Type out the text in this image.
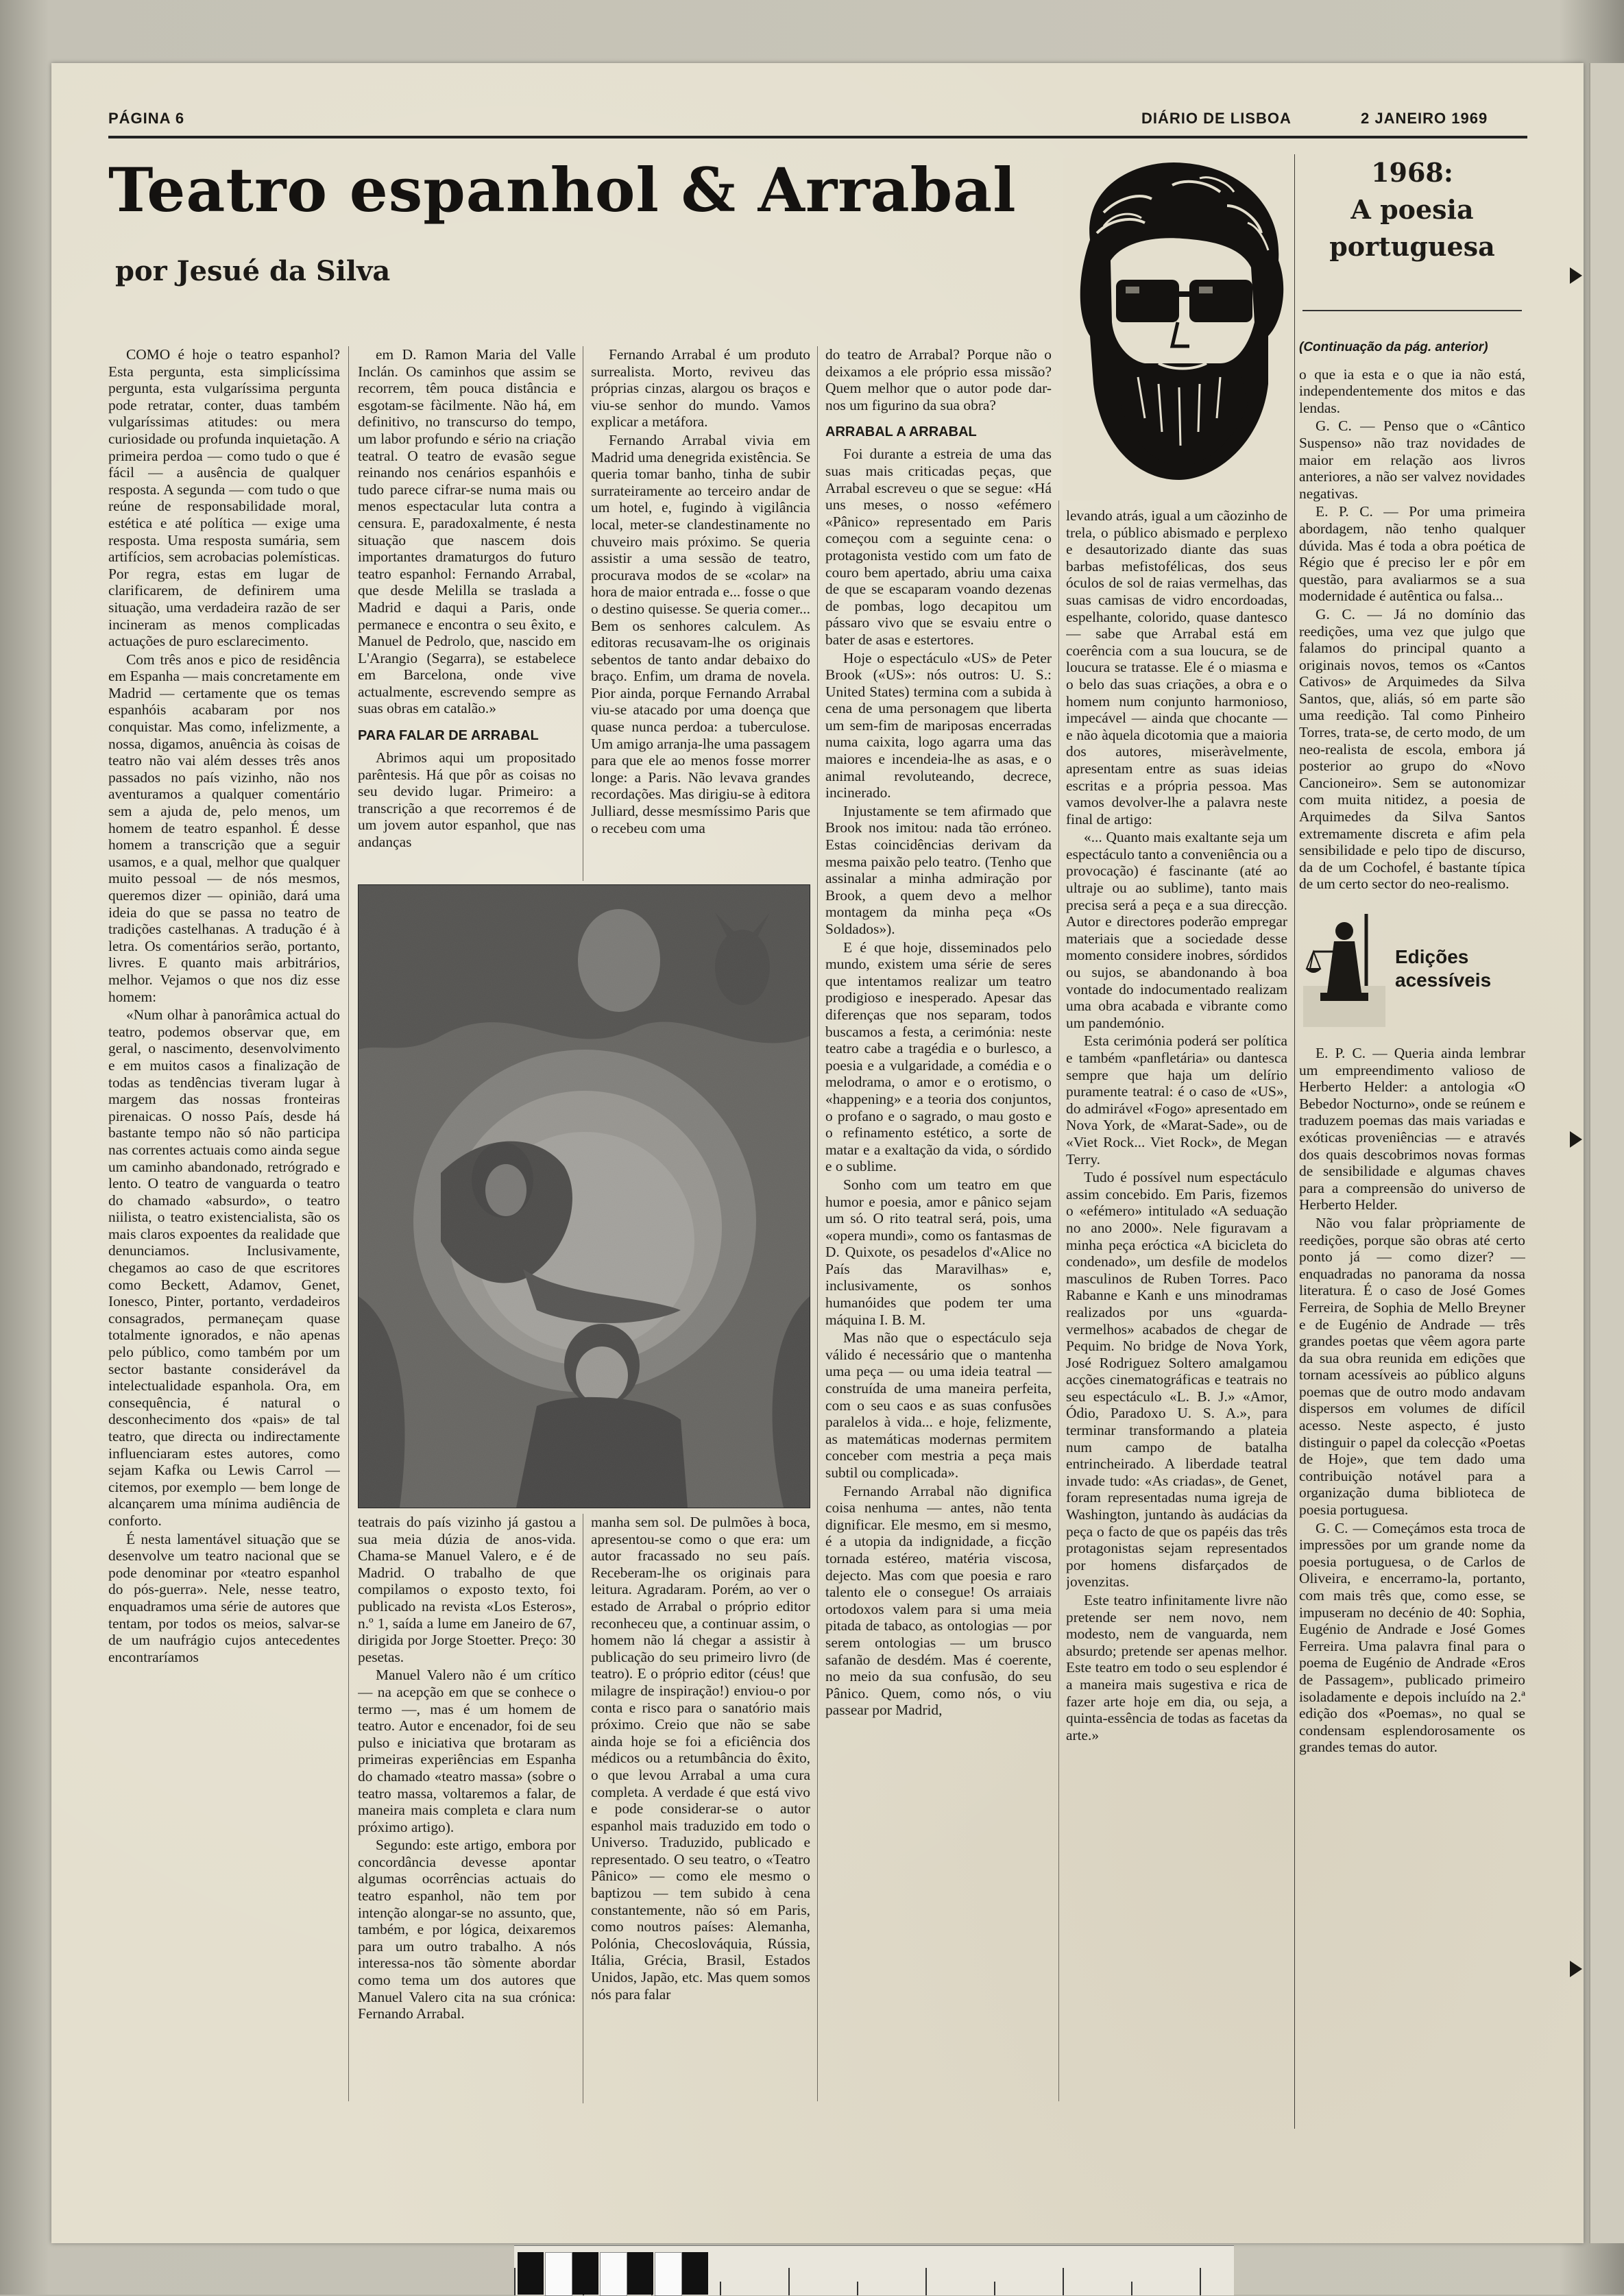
PÁGINA 6	DIÁRIO DE LISBOA	2 JANEIRO 1969
Teatro espanhol & Arrabal
por Jesué da Silva

COMO é hoje o teatro espanhol? Esta pergunta, esta simplicíssima pergunta, esta vulgaríssima pergunta pode retratar, conter, duas também vulgaríssimas atitudes: ou mera curiosidade ou profunda inquietação. A primeira perdoa — como tudo o que é fácil — a ausência de qualquer resposta. A segunda — com tudo o que reúne de responsabilidade moral, estética e até política — exige uma resposta. Uma resposta sumária, sem artifícios, sem acrobacias polemísticas. Por regra, estas em lugar de clarificarem, de definirem uma situação, uma verdadeira razão de ser incineram as menos complicadas actuações de puro esclarecimento.

Com três anos e pico de residência em Espanha — mais concretamente em Madrid — certamente que os temas espanhóis acabaram por nos conquistar. Mas como, infelizmente, a nossa, digamos, anuência às coisas de teatro não vai além desses três anos passados no país vizinho, não nos aventuramos a qualquer comentário sem a ajuda de, pelo menos, um homem de teatro espanhol. É desse homem a transcrição que a seguir usamos, e a qual, melhor que qualquer muito pessoal — de nós mesmos, queremos dizer — opinião, dará uma ideia do que se passa no teatro de tradições castelhanas. A tradução é à letra. Os comentários serão, portanto, livres. E quanto mais arbitrários, melhor. Vejamos o que nos diz esse homem:

«Num olhar à panorâmica actual do teatro, podemos observar que, em geral, o nascimento, desenvolvimento e em muitos casos a finalização de todas as tendências tiveram lugar à margem das nossas fronteiras pirenaicas. O nosso País, desde há bastante tempo não só não participa nas correntes actuais como ainda segue um caminho abandonado, retrógrado e lento. O teatro de vanguarda o teatro do chamado «absurdo», o teatro niilista, o teatro existencialista, são os mais claros expoentes da realidade que denunciamos. Inclusivamente, chegamos ao caso de que escritores como Beckett, Adamov, Genet, Ionesco, Pinter, portanto, verdadeiros consagrados, permaneçam quase totalmente ignorados, e não apenas pelo público, como também por um sector bastante considerável da intelectualidade espanhola. Ora, em consequência, é natural o desconhecimento dos «pais» de tal teatro, que directa ou indirectamente influenciaram estes autores, como sejam Kafka ou Lewis Carrol — citemos, por exemplo — bem longe de alcançarem uma mínima audiência de conforto.

É nesta lamentável situação que se desenvolve um teatro nacional que se pode denominar por «teatro espanhol do pós-guerra». Nele, nesse teatro, enquadramos uma série de autores que tentam, por todos os meios, salvar-se de um naufrágio cujos antecedentes encontraríamos

em D. Ramon Maria del Valle Inclán. Os caminhos que assim se recorrem, têm pouca distância e esgotam-se fàcilmente. Não há, em definitivo, no transcurso do tempo, um labor profundo e sério na criação teatral. O teatro de evasão segue reinando nos cenários espanhóis e tudo parece cifrar-se numa mais ou menos espectacular luta contra a censura. E, paradoxalmente, é nesta situação que nascem dois importantes dramaturgos do futuro teatro espanhol: Fernando Arrabal, que desde Melilla se traslada a Madrid e daqui a Paris, onde permanece e encontra o seu êxito, e Manuel de Pedrolo, que, nascido em L'Arangio (Segarra), se estabelece em Barcelona, onde vive actualmente, escrevendo sempre as suas obras em catalão.»

PARA FALAR DE ARRABAL

Abrimos aqui um propositado parêntesis. Há que pôr as coisas no seu devido lugar. Primeiro: a transcrição a que recorremos é de um jovem autor espanhol, que nas andanças

Fernando Arrabal é um produto surrealista. Morto, reviveu das próprias cinzas, alargou os braços e viu-se senhor do mundo. Vamos explicar a metáfora.

Fernando Arrabal vivia em Madrid uma denegrida existência. Se queria tomar banho, tinha de subir surrateiramente ao terceiro andar de um hotel, e, fugindo à vigilância local, meter-se clandestinamente no chuveiro mais próximo. Se queria assistir a uma sessão de teatro, procurava modos de se «colar» na hora de maior entrada e... fosse o que o destino quisesse. Se queria comer... Bem os senhores calculem. As editoras recusavam-lhe os originais sebentos de tanto andar debaixo do braço. Enfim, um drama de novela. Pior ainda, porque Fernando Arrabal viu-se atacado por uma doença que quase nunca perdoa: a tuberculose. Um amigo arranja-lhe uma passagem para que ele ao menos fosse morrer longe: a Paris. Não levava grandes recordações. Mas dirigiu-se à editora Julliard, desse mesmíssimo Paris que o recebeu com uma

teatrais do país vizinho já gastou a sua meia dúzia de anos-vida. Chama-se Manuel Valero, e é de Madrid. O trabalho de que compilamos o exposto texto, foi publicado na revista «Los Esteros», n.º 1, saída a lume em Janeiro de 67, dirigida por Jorge Stoetter. Preço: 30 pesetas.

Manuel Valero não é um crítico — na acepção em que se conhece o termo —, mas é um homem de teatro. Autor e encenador, foi de seu pulso e iniciativa que brotaram as primeiras experiências em Espanha do chamado «teatro massa» (sobre o teatro massa, voltaremos a falar, de maneira mais completa e clara num próximo artigo).

Segundo: este artigo, embora por concordância devesse apontar algumas ocorrências actuais do teatro espanhol, não tem por intenção alongar-se no assunto, que, também, e por lógica, deixaremos para um outro trabalho. A nós interessa-nos tão sòmente abordar como tema um dos autores que Manuel Valero cita na sua crónica: Fernando Arrabal.

manha sem sol. De pulmões à boca, apresentou-se como o que era: um autor fracassado no seu país. Receberam-lhe os originais para leitura. Agradaram. Porém, ao ver o estado de Arrabal o próprio editor reconheceu que, a continuar assim, o homem não lá chegar a assistir à publicação do seu primeiro livro (de teatro). E o próprio editor (céus! que milagre de inspiração!) enviou-o por conta e risco para o sanatório mais próximo. Creio que não se sabe ainda hoje se foi a eficiência dos médicos ou a retumbância do êxito, o que levou Arrabal a uma cura completa. A verdade é que está vivo e pode considerar-se o autor espanhol mais traduzido em todo o Universo. Traduzido, publicado e representado. O seu teatro, o «Teatro Pânico» — como ele mesmo o baptizou — tem subido à cena constantemente, não só em Paris, como noutros países: Alemanha, Polónia, Checoslováquia, Rússia, Itália, Grécia, Brasil, Estados Unidos, Japão, etc. Mas quem somos nós para falar

do teatro de Arrabal? Porque não o deixamos a ele próprio essa missão? Quem melhor que o autor pode dar-nos um figurino da sua obra?

ARRABAL A ARRABAL

Foi durante a estreia de uma das suas mais criticadas peças, que Arrabal escreveu o que se segue: «Há uns meses, o nosso «efémero «Pânico» representado em Paris começou com a seguinte cena: o protagonista vestido com um fato de couro bem apertado, abriu uma caixa de que se escaparam voando dezenas de pombas, logo decapitou um pássaro vivo que se esvaiu entre o bater de asas e estertores.

Hoje o espectáculo «US» de Peter Brook («US»: nós outros: U. S.: United States) termina com a subida à cena de uma personagem que liberta um sem-fim de mariposas encerradas numa caixita, logo agarra uma das maiores e incendeia-lhe as asas, e o animal revoluteando, decrece, incinerado.

Injustamente se tem afirmado que Brook nos imitou: nada tão erróneo. Estas coincidências derivam da mesma paixão pelo teatro. (Tenho que assinalar a minha admiração por Brook, a quem devo a melhor montagem da minha peça «Os Soldados»).

E é que hoje, disseminados pelo mundo, existem uma série de seres que intentamos realizar um teatro prodigioso e inesperado. Apesar das diferenças que nos separam, todos buscamos a festa, a cerimónia: neste teatro cabe a tragédia e o burlesco, a poesia e a vulgaridade, a comédia e o melodrama, o amor e o erotismo, o «happening» e a teoria dos conjuntos, o profano e o sagrado, o mau gosto e o refinamento estético, a sorte de matar e a exaltação da vida, o sórdido e o sublime.

Sonho com um teatro em que humor e poesia, amor e pânico sejam um só. O rito teatral será, pois, uma «opera mundi», como os fantasmas de D. Quixote, os pesadelos d'«Alice no País das Maravilhas» e, inclusivamente, os sonhos humanóides que podem ter uma máquina I. B. M.

Mas não que o espectáculo seja válido é necessário que o mantenha uma peça — ou uma ideia teatral — construída de uma maneira perfeita, com o seu caos e as suas confusões paralelos à vida... e hoje, felizmente, as matemáticas modernas permitem conceber com mestria a peça mais subtil ou complicada».

Fernando Arrabal não dignifica coisa nenhuma — antes, não tenta dignificar. Ele mesmo, em si mesmo, é a utopia da indignidade, a ficção tornada estéreo, matéria viscosa, dejecto. Mas com que poesia e raro talento ele o consegue! Os arraiais ortodoxos valem para si uma meia pitada de tabaco, as ontologias — por serem ontologias — um brusco safanão de desdém. Mas é coerente, no meio da sua confusão, do seu Pânico. Quem, como nós, o viu passear por Madrid,

levando atrás, igual a um cãozinho de trela, o público abismado e perplexo e desautorizado diante das suas barbas mefistofélicas, dos seus óculos de sol de raias vermelhas, das suas camisas de vidro encordoadas, espelhante, colorido, quase dantesco — sabe que Arrabal está em coerência com a sua loucura, se de loucura se tratasse. Ele é o miasma e o belo das suas criações, a obra e o homem num conjunto harmonioso, impecável — ainda que chocante — e não àquela dicotomia que a maioria dos autores, miseràvelmente, apresentam entre as suas ideias escritas e a própria pessoa. Mas vamos devolver-lhe a palavra neste final de artigo:

«... Quanto mais exaltante seja um espectáculo tanto a conveniência ou a provocação) é fascinante (até ao ultraje ou ao sublime), tanto mais precisa será a peça e a sua direcção. Autor e directores poderão empregar materiais que a sociedade desse momento considere inobres, sórdidos ou sujos, se abandonando à boa vontade do indocumentado realizam uma obra acabada e vibrante como um pandemónio.

Esta cerimónia poderá ser política e também «panfletária» ou dantesca sempre que haja um delírio puramente teatral: é o caso de «US», do admirável «Fogo» apresentado em Nova York, de «Marat-Sade», ou de «Viet Rock... Viet Rock», de Megan Terry.

Tudo é possível num espectáculo assim concebido. Em Paris, fizemos o «efémero» intitulado «A seduação no ano 2000». Nele figuravam a minha peça eróctica «A bicicleta do condenado», um desfile de modelos masculinos de Ruben Torres. Paco Rabanne e Kanh e uns minodramas realizados por uns «guarda-vermelhos» acabados de chegar de Pequim. No bridge de Nova York, José Rodriguez Soltero amalgamou acções cinematográficas e teatrais no seu espectáculo «L. B. J.» «Amor, Ódio, Paradoxo U. S. A.», para terminar transformando a plateia num campo de batalha entrincheirado. A liberdade teatral invade tudo: «As criadas», de Genet, foram representadas numa igreja de Washington, juntando às audácias da peça o facto de que os papéis das três protagonistas sejam representados por homens disfarçados de jovenzitas.

Este teatro infinitamente livre não pretende ser nem novo, nem modesto, nem de vanguarda, nem absurdo; pretende ser apenas melhor. Este teatro em todo o seu esplendor é a maneira mais sugestiva e rica de fazer arte hoje em dia, ou seja, a quinta-essência de todas as facetas da arte.»

1968:
A poesia
portuguesa

(Continuação da pág. anterior)

o que ia esta e o que ia não está, independentemente dos mitos e das lendas.

G. C. — Penso que o «Cântico Suspenso» não traz novidades de maior em relação aos livros anteriores, a não ser valvez novidades negativas.

E. P. C. — Por uma primeira abordagem, não tenho qualquer dúvida. Mas é toda a obra poética de Régio que é preciso ler e pôr em questão, para avaliarmos se a sua modernidade é autêntica ou falsa...

G. C. — Já no domínio das reedições, uma vez que julgo que falamos do principal quanto a originais novos, temos os «Cantos Cativos» de Arquimedes da Silva Santos, que, aliás, só em parte são uma reedição. Tal como Pinheiro Torres, trata-se, de certo modo, de um neo-realista de escola, embora já posterior ao grupo do «Novo Cancioneiro». Sem se autonomizar com muita nitidez, a poesia de Arquimedes da Silva Santos extremamente discreta e afim pela sensibilidade e pelo tipo de discurso, da de um Cochofel, é bastante típica de um certo sector do neo-realismo.

Edições
acessíveis

E. P. C. — Queria ainda lembrar um empreendimento valioso de Herberto Helder: a antologia «O Bebedor Nocturno», onde se reúnem e traduzem poemas das mais variadas e exóticas proveniências — e através dos quais descobrimos novas formas de sensibilidade e algumas chaves para a compreensão do universo de Herberto Helder.

Não vou falar pròpriamente de reedições, porque são obras até certo ponto já — como dizer? — enquadradas no panorama da nossa literatura. É o caso de José Gomes Ferreira, de Sophia de Mello Breyner e de Eugénio de Andrade — três grandes poetas que vêem agora parte da sua obra reunida em edições que tornam acessíveis ao público alguns poemas que de outro modo andavam dispersos em volumes de difícil acesso. Neste aspecto, é justo distinguir o papel da colecção «Poetas de Hoje», que tem dado uma contribuição notável para a organização duma biblioteca de poesia portuguesa.

G. C. — Começámos esta troca de impressões por um grande nome da poesia portuguesa, o de Carlos de Oliveira, e encerramo-la, portanto, com mais três que, como esse, se impuseram no decénio de 40: Sophia, Eugénio de Andrade e José Gomes Ferreira. Uma palavra final para o poema de Eugénio de Andrade «Eros de Passagem», publicado primeiro isoladamente e depois incluído na 2.ª edição dos «Poemas», no qual se condensam esplendorosamente os grandes temas do autor.
